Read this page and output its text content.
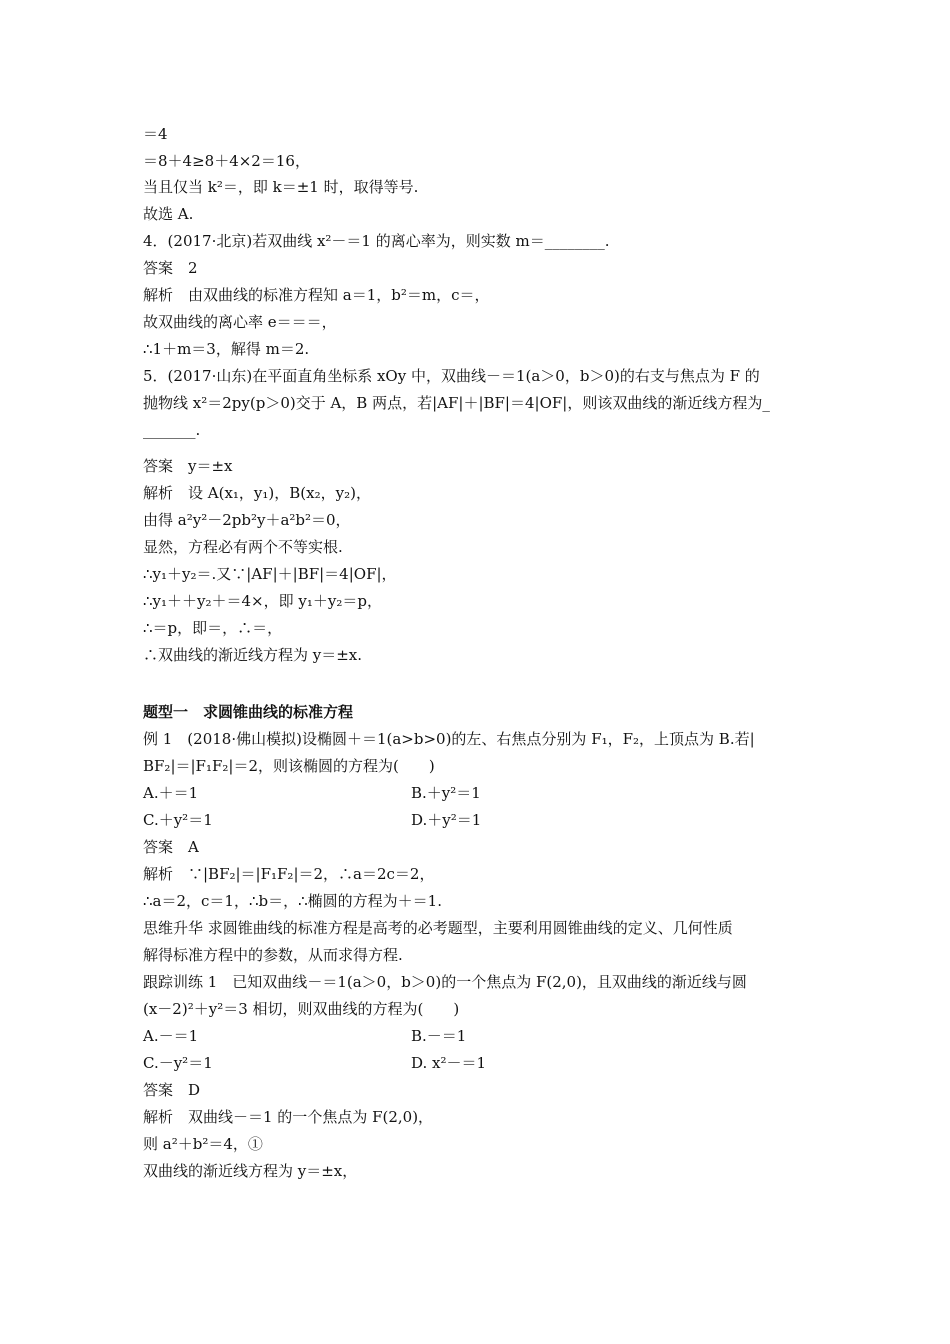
＝4
＝8＋4≥8＋4×2＝16，
当且仅当 k²＝，即 k＝±1 时，取得等号.
故选 A.
4．(2017·北京)若双曲线 x²－＝1 的离心率为，则实数 m＝________.
答案　2
解析　由双曲线的标准方程知 a＝1，b²＝m，c＝，
故双曲线的离心率 e＝＝＝，
∴1＋m＝3，解得 m＝2.
5．(2017·山东)在平面直角坐标系 xOy 中，双曲线－＝1(a＞0，b＞0)的右支与焦点为 F 的
抛物线 x²＝2py(p＞0)交于 A，B 两点，若|AF|＋|BF|＝4|OF|，则该双曲线的渐近线方程为_
_______.
答案　y＝±x
解析　设 A(x₁，y₁)，B(x₂，y₂)，
由得 a²y²－2pb²y＋a²b²＝0，
显然，方程必有两个不等实根.
∴y₁＋y₂＝.又∵|AF|＋|BF|＝4|OF|，
∴y₁＋＋y₂＋＝4×，即 y₁＋y₂＝p，
∴＝p，即＝，∴＝，
∴双曲线的渐近线方程为 y＝±x.
题型一　求圆锥曲线的标准方程
例 1　(2018·佛山模拟)设椭圆＋＝1(a>b>0)的左、右焦点分别为 F₁，F₂，上顶点为 B.若|
BF₂|＝|F₁F₂|＝2，则该椭圆的方程为(　　)
A.＋＝1	B.＋y²＝1
C.＋y²＝1	D.＋y²＝1
答案　A
解析　∵|BF₂|＝|F₁F₂|＝2，∴a＝2c＝2，
∴a＝2，c＝1，∴b＝，∴椭圆的方程为＋＝1.
思维升华 求圆锥曲线的标准方程是高考的必考题型，主要利用圆锥曲线的定义、几何性质
解得标准方程中的参数，从而求得方程.
跟踪训练 1　已知双曲线－＝1(a＞0，b＞0)的一个焦点为 F(2,0)，且双曲线的渐近线与圆
(x－2)²＋y²＝3 相切，则双曲线的方程为(　　)
A.－＝1	B.－＝1
C.－y²＝1	D. x²－＝1
答案　D
解析　双曲线－＝1 的一个焦点为 F(2,0)，
则 a²＋b²＝4，①
双曲线的渐近线方程为 y＝±x，
